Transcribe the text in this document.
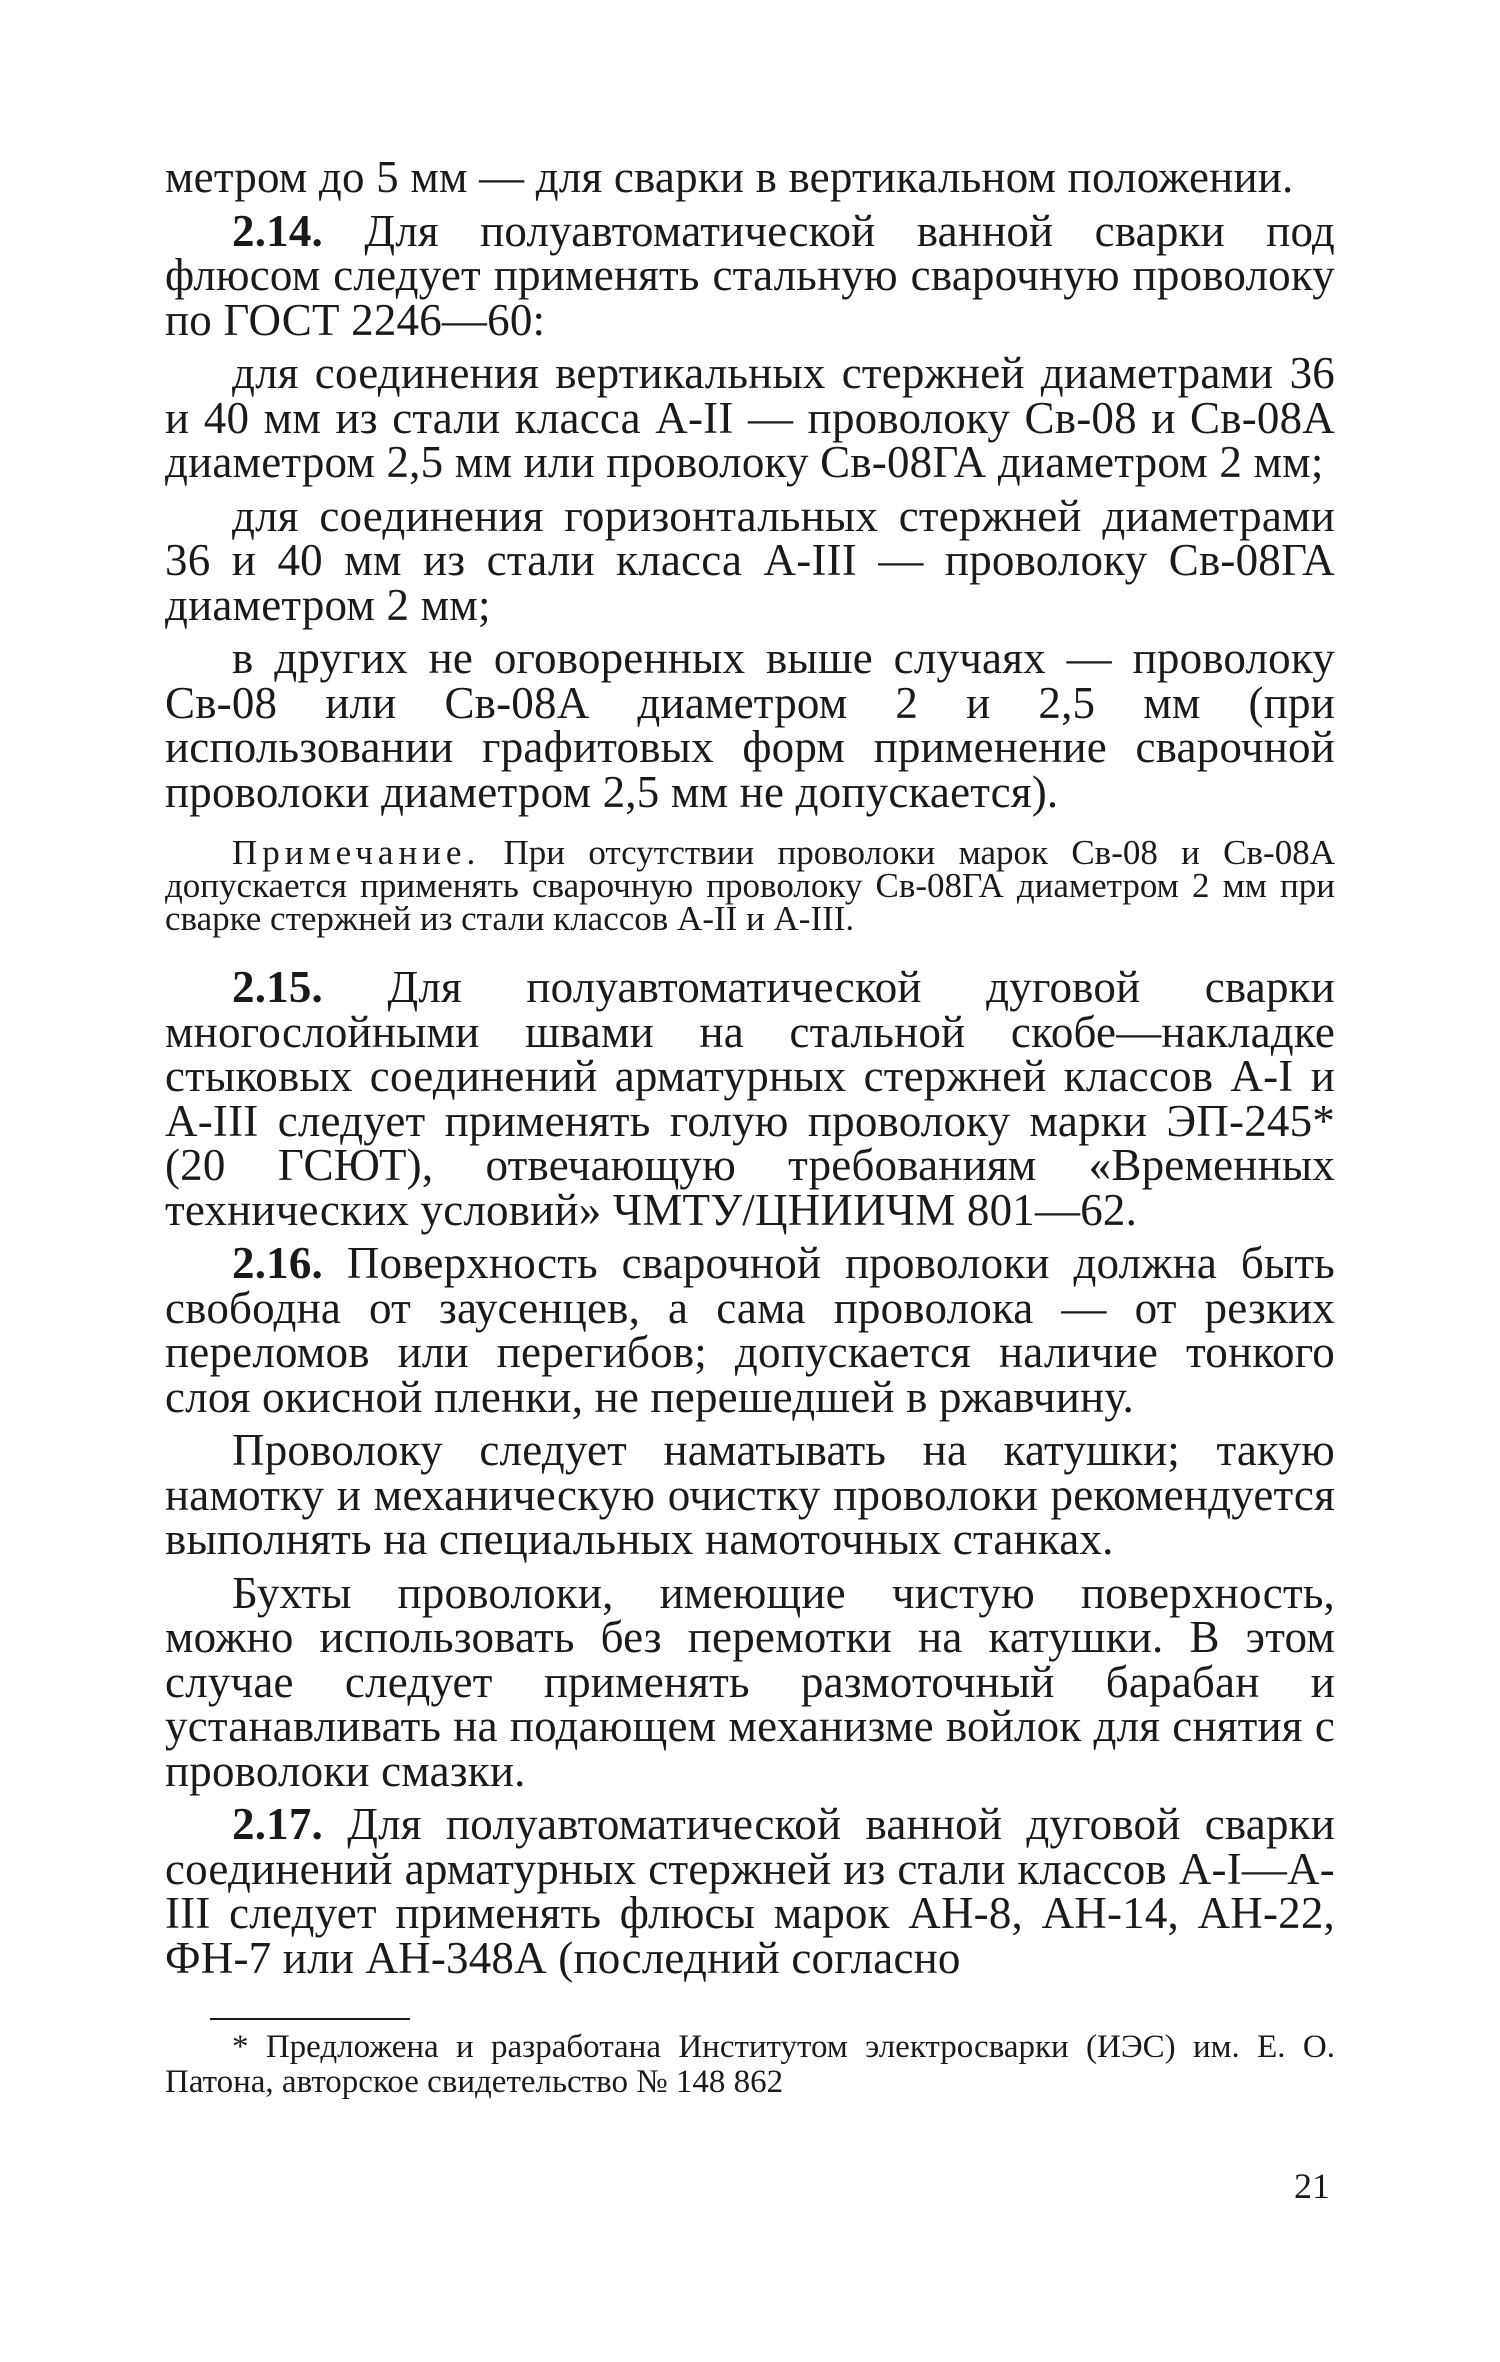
метром до 5 мм — для сварки в вертикальном положении.

2.14. Для полуавтоматической ванной сварки под флюсом следует применять стальную сварочную проволоку по ГОСТ 2246—60:

для соединения вертикальных стержней диаметрами 36 и 40 мм из стали класса А-II — проволоку Св-08 и Св-08А диаметром 2,5 мм или проволоку Св-08ГА диаметром 2 мм;

для соединения горизонтальных стержней диаметрами 36 и 40 мм из стали класса А-III — проволоку Св-08ГА диаметром 2 мм;

в других не оговоренных выше случаях — проволоку Св-08 или Св-08А диаметром 2 и 2,5 мм (при использовании графитовых форм применение сварочной проволоки диаметром 2,5 мм не допускается).

Примечание. При отсутствии проволоки марок Св-08 и Св-08А допускается применять сварочную проволоку Св-08ГА диаметром 2 мм при сварке стержней из стали классов А-II и А-III.

2.15. Для полуавтоматической дуговой сварки многослойными швами на стальной скобе—накладке стыковых соединений арматурных стержней классов А-I и А-III следует применять голую проволоку марки ЭП-245* (20 ГСЮТ), отвечающую требованиям «Временных технических условий» ЧМТУ/ЦНИИЧМ 801—62.

2.16. Поверхность сварочной проволоки должна быть свободна от заусенцев, а сама проволока — от резких переломов или перегибов; допускается наличие тонкого слоя окисной пленки, не перешедшей в ржавчину.

Проволоку следует наматывать на катушки; такую намотку и механическую очистку проволоки рекомендуется выполнять на специальных намоточных станках.

Бухты проволоки, имеющие чистую поверхность, можно использовать без перемотки на катушки. В этом случае следует применять размоточный барабан и устанавливать на подающем механизме войлок для снятия с проволоки смазки.

2.17. Для полуавтоматической ванной дуговой сварки соединений арматурных стержней из стали классов А-I—А-III следует применять флюсы марок АН-8, АН-14, АН-22, ФН-7 или АН-348А (последний согласно

* Предложена и разработана Институтом электросварки (ИЭС) им. Е. О. Патона, авторское свидетельство № 148 862

21
